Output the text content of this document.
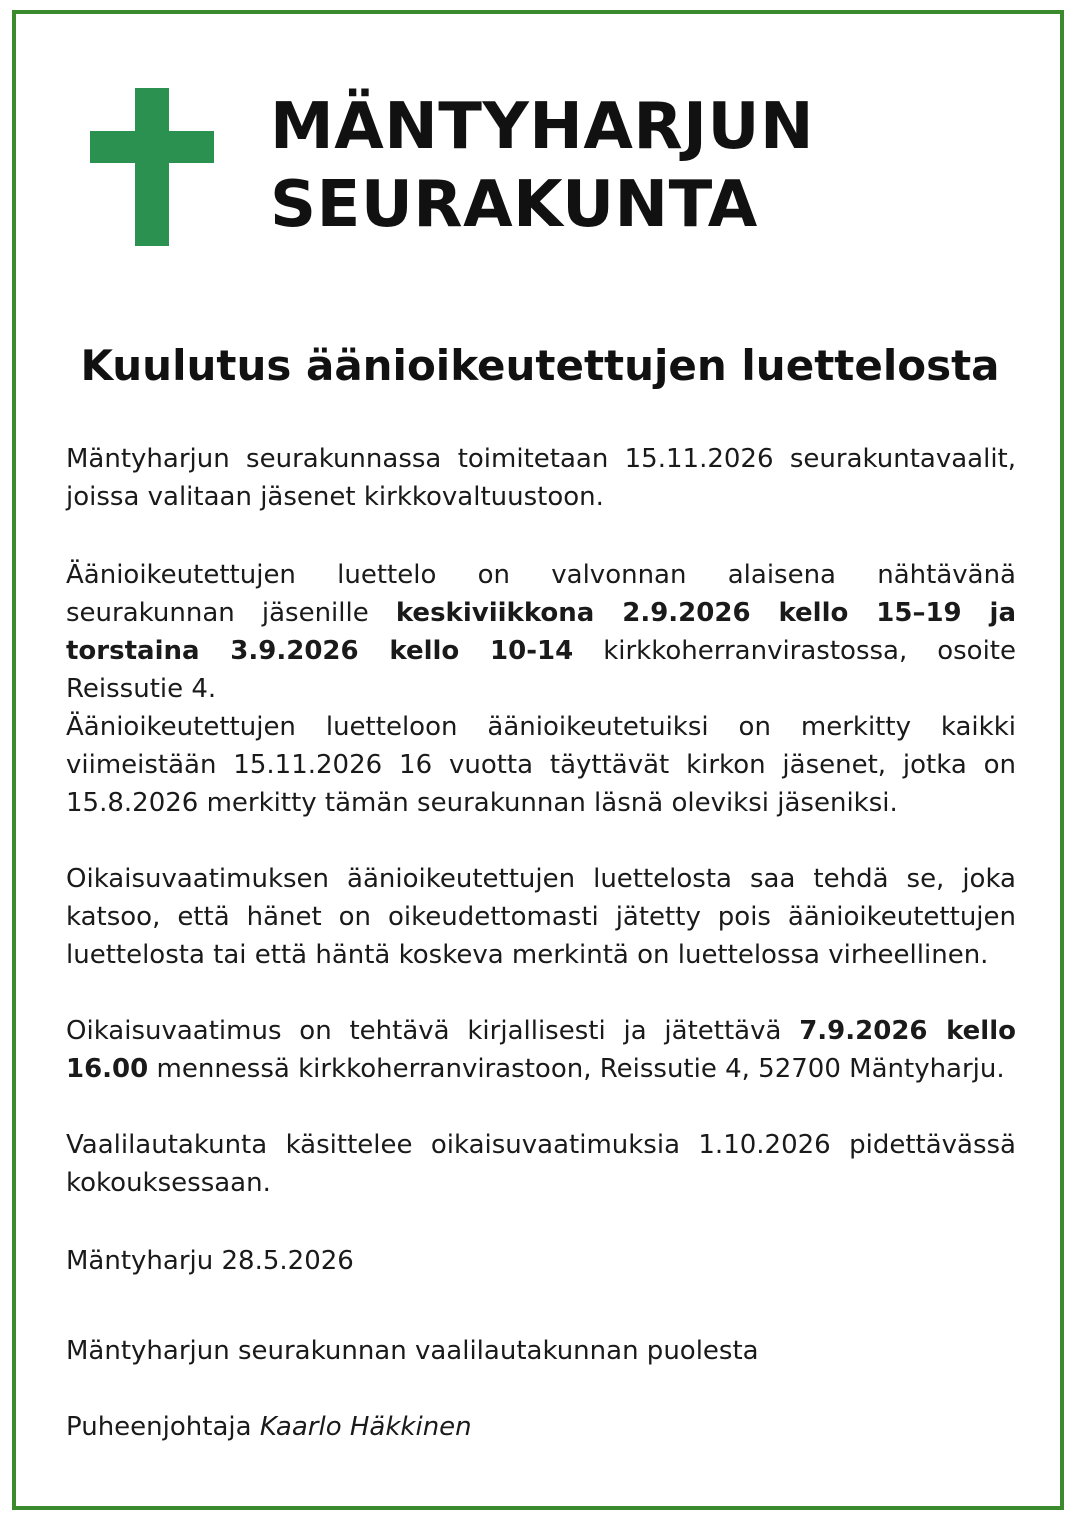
MÄNTYHARJUN
SEURAKUNTA
Kuulutus äänioikeutettujen luettelosta

Mäntyharjun seurakunnassa toimitetaan 15.11.2026 seurakuntavaalit, joissa valitaan jäsenet kirkkovaltuustoon.

Äänioikeutettujen luettelo on valvonnan alaisena nähtävänä seurakunnan jäsenille keskiviikkona 2.9.2026 kello 15–19 ja torstaina 3.9.2026 kello 10-14 kirkkoherranvirastossa, osoite Reissutie 4.

Äänioikeutettujen luetteloon äänioikeutetuiksi on merkitty kaikki viimeistään 15.11.2026 16 vuotta täyttävät kirkon jäsenet, jotka on 15.8.2026 merkitty tämän seurakunnan läsnä oleviksi jäseniksi.

Oikaisuvaatimuksen äänioikeutettujen luettelosta saa tehdä se, joka katsoo, että hänet on oikeudettomasti jätetty pois äänioikeutettujen luettelosta tai että häntä koskeva merkintä on luettelossa virheellinen.

Oikaisuvaatimus on tehtävä kirjallisesti ja jätettävä 7.9.2026 kello 16.00 mennessä kirkkoherranvirastoon, Reissutie 4, 52700 Mäntyharju.

Vaalilautakunta käsittelee oikaisuvaatimuksia 1.10.2026 pidettävässä kokouksessaan.

Mäntyharju 28.5.2026

Mäntyharjun seurakunnan vaalilautakunnan puolesta

Puheenjohtaja Kaarlo Häkkinen
